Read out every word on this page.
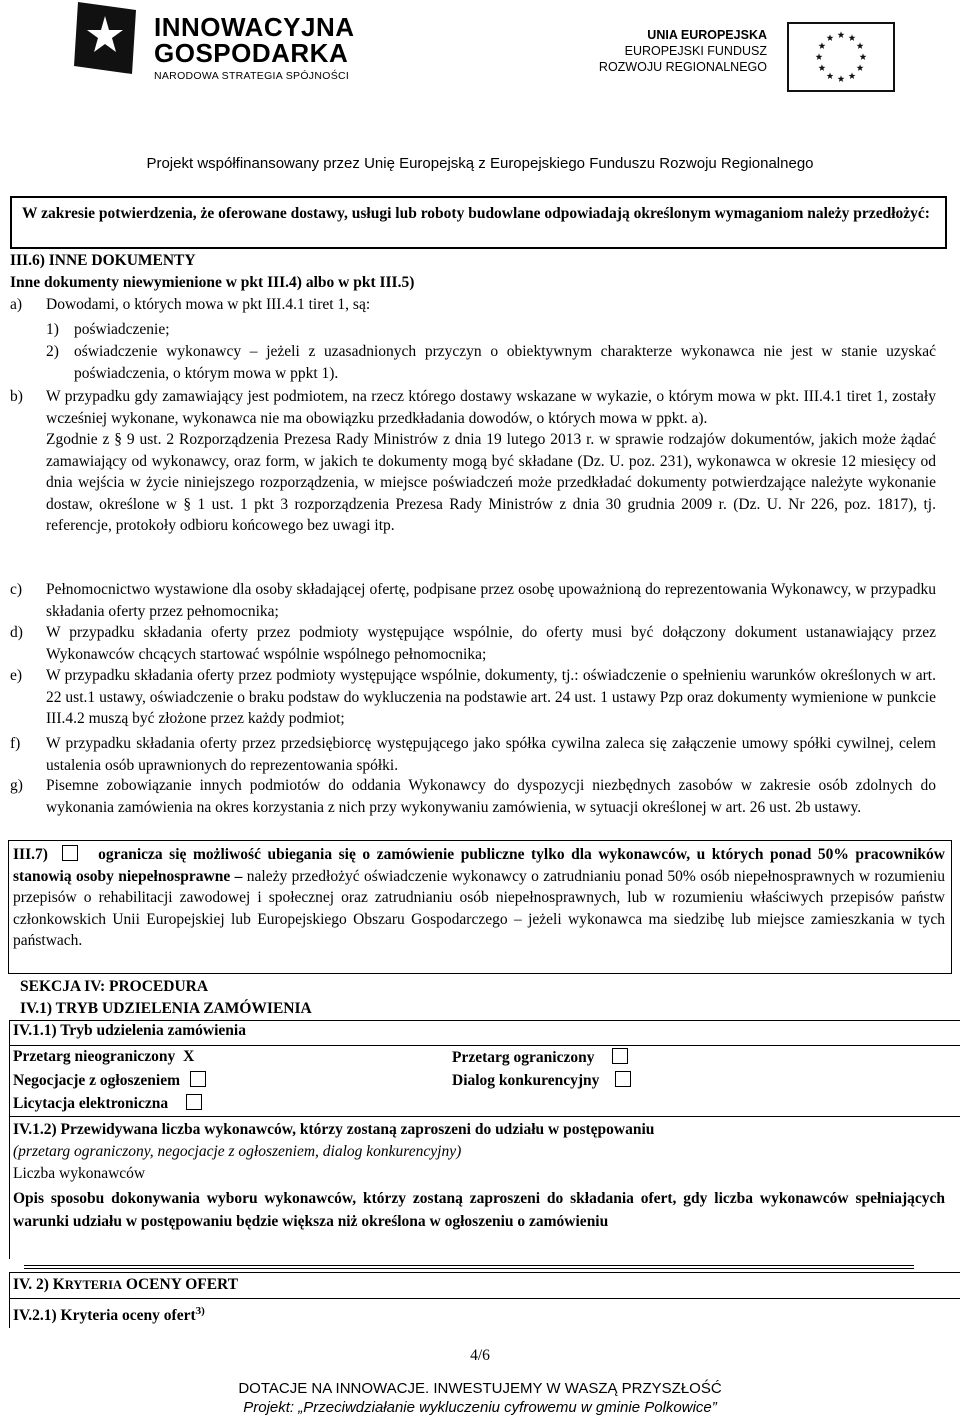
INNOWACYJNA
GOSPODARKA
NARODOWA STRATEGIA SPÓJNOŚCI
UNIA EUROPEJSKA
EUROPEJSKI FUNDUSZ
ROZWOJU REGIONALNEGO
Projekt współfinansowany przez Unię Europejską z Europejskiego Funduszu Rozwoju Regionalnego
W zakresie potwierdzenia, że oferowane dostawy, usługi lub roboty budowlane odpowiadają określonym wymaganiom należy przedłożyć:
III.6) INNE DOKUMENTY
Inne dokumenty niewymienione w pkt III.4) albo w pkt III.5)
a) Dowodami, o których mowa w pkt III.4.1 tiret 1, są:
1) poświadczenie;
2) oświadczenie wykonawcy – jeżeli z uzasadnionych przyczyn o obiektywnym charakterze wykonawca nie jest w stanie uzyskać poświadczenia, o którym mowa w ppkt 1).
b) W przypadku gdy zamawiający jest podmiotem, na rzecz którego dostawy wskazane w wykazie, o którym mowa w pkt. III.4.1 tiret 1, zostały wcześniej wykonane, wykonawca nie ma obowiązku przedkładania dowodów, o których mowa w ppkt. a).
Zgodnie z § 9 ust. 2 Rozporządzenia Prezesa Rady Ministrów z dnia 19 lutego 2013 r. w sprawie rodzajów dokumentów, jakich może żądać zamawiający od wykonawcy, oraz form, w jakich te dokumenty mogą być składane (Dz. U. poz. 231), wykonawca w okresie 12 miesięcy od dnia wejścia w życie niniejszego rozporządzenia, w miejsce poświadczeń może przedkładać dokumenty potwierdzające należyte wykonanie dostaw, określone w § 1 ust. 1 pkt 3 rozporządzenia Prezesa Rady Ministrów z dnia 30 grudnia 2009 r. (Dz. U. Nr 226, poz. 1817), tj. referencje, protokoły odbioru końcowego bez uwagi itp.
c) Pełnomocnictwo wystawione dla osoby składającej ofertę, podpisane przez osobę upoważnioną do reprezentowania Wykonawcy, w przypadku składania oferty przez pełnomocnika;
d) W przypadku składania oferty przez podmioty występujące wspólnie, do oferty musi być dołączony dokument ustanawiający przez Wykonawców chcących startować wspólnie wspólnego pełnomocnika;
e) W przypadku składania oferty przez podmioty występujące wspólnie, dokumenty, tj.: oświadczenie o spełnieniu warunków określonych w art. 22 ust.1 ustawy, oświadczenie o braku podstaw do wykluczenia na podstawie art. 24 ust. 1 ustawy Pzp oraz dokumenty wymienione w punkcie III.4.2 muszą być złożone przez każdy podmiot;
f) W przypadku składania oferty przez przedsiębiorcę występującego jako spółka cywilna zaleca się załączenie umowy spółki cywilnej, celem ustalenia osób uprawnionych do reprezentowania spółki.
g) Pisemne zobowiązanie innych podmiotów do oddania Wykonawcy do dyspozycji niezbędnych zasobów w zakresie osób zdolnych do wykonania zamówienia na okres korzystania z nich przy wykonywaniu zamówienia, w sytuacji określonej w art. 26 ust. 2b ustawy.
III.7)	ogranicza się możliwość ubiegania się o zamówienie publiczne tylko dla wykonawców, u których ponad 50% pracowników stanowią osoby niepełnosprawne – należy przedłożyć oświadczenie wykonawcy o zatrudnianiu ponad 50% osób niepełnosprawnych w rozumieniu przepisów o rehabilitacji zawodowej i społecznej oraz zatrudnianiu osób niepełnosprawnych, lub w rozumieniu właściwych przepisów państw członkowskich Unii Europejskiej lub Europejskiego Obszaru Gospodarczego – jeżeli wykonawca ma siedzibę lub miejsce zamieszkania w tych państwach.
SEKCJA IV: PROCEDURA
IV.1) TRYB UDZIELENIA ZAMÓWIENIA
IV.1.1) Tryb udzielenia zamówienia
Przetarg nieograniczony X	Przetarg ograniczony
Negocjacje z ogłoszeniem	Dialog konkurencyjny
Licytacja elektroniczna
IV.1.2) Przewidywana liczba wykonawców, którzy zostaną zaproszeni do udziału w postępowaniu
(przetarg ograniczony, negocjacje z ogłoszeniem, dialog konkurencyjny)
Liczba wykonawców
Opis sposobu dokonywania wyboru wykonawców, którzy zostaną zaproszeni do składania ofert, gdy liczba wykonawców spełniających warunki udziału w postępowaniu będzie większa niż określona w ogłoszeniu o zamówieniu
IV. 2) KRYTERIA OCENY OFERT
IV.2.1) Kryteria oceny ofert$^{3)}$
4/6
DOTACJE NA INNOWACJE. INWESTUJEMY W WASZĄ PRZYSZŁOŚĆ
Projekt: „Przeciwdziałanie wykluczeniu cyfrowemu w gminie Polkowice”
